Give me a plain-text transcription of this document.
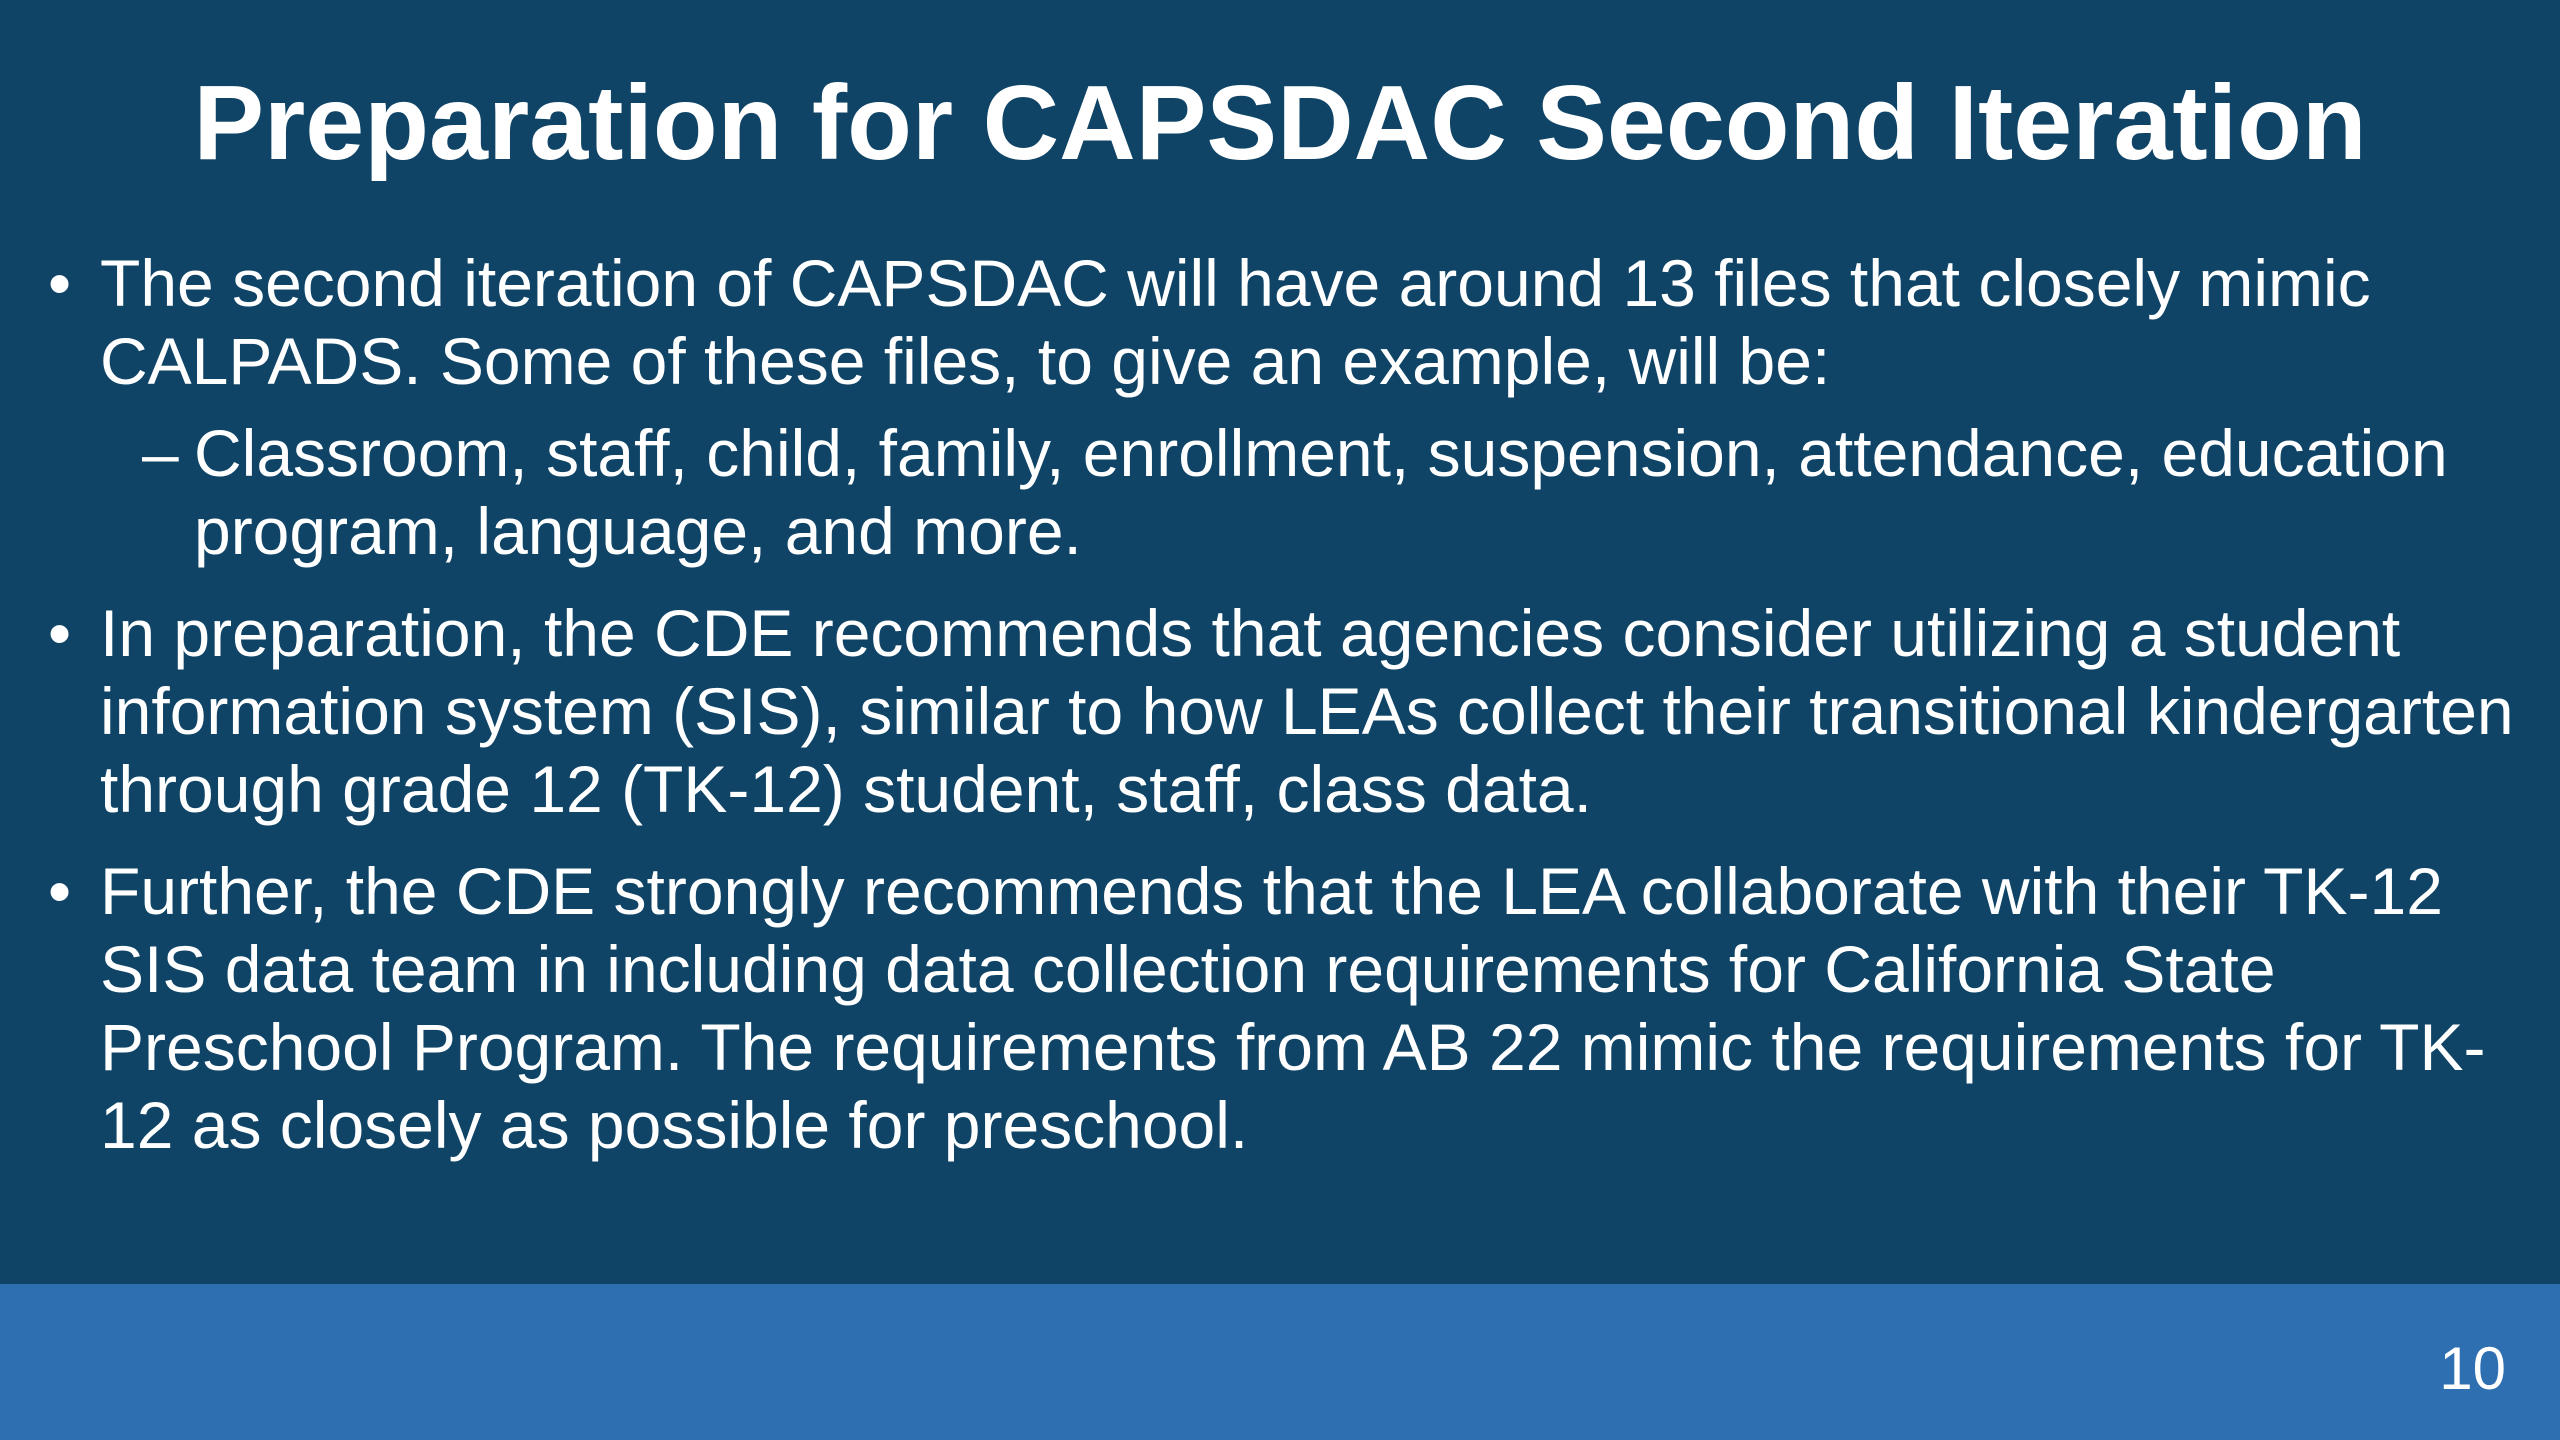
Preparation for CAPSDAC Second Iteration
• The second iteration of CAPSDAC will have around 13 files that closely mimic CALPADS. Some of these files, to give an example, will be:
– Classroom, staff, child, family, enrollment, suspension, attendance, education program, language, and more.
• In preparation, the CDE recommends that agencies consider utilizing a student information system (SIS), similar to how LEAs collect their transitional kindergarten through grade 12 (TK-12) student, staff, class data.
• Further, the CDE strongly recommends that the LEA collaborate with their TK-12 SIS data team in including data collection requirements for California State Preschool Program. The requirements from AB 22 mimic the requirements for TK-12 as closely as possible for preschool.
10
